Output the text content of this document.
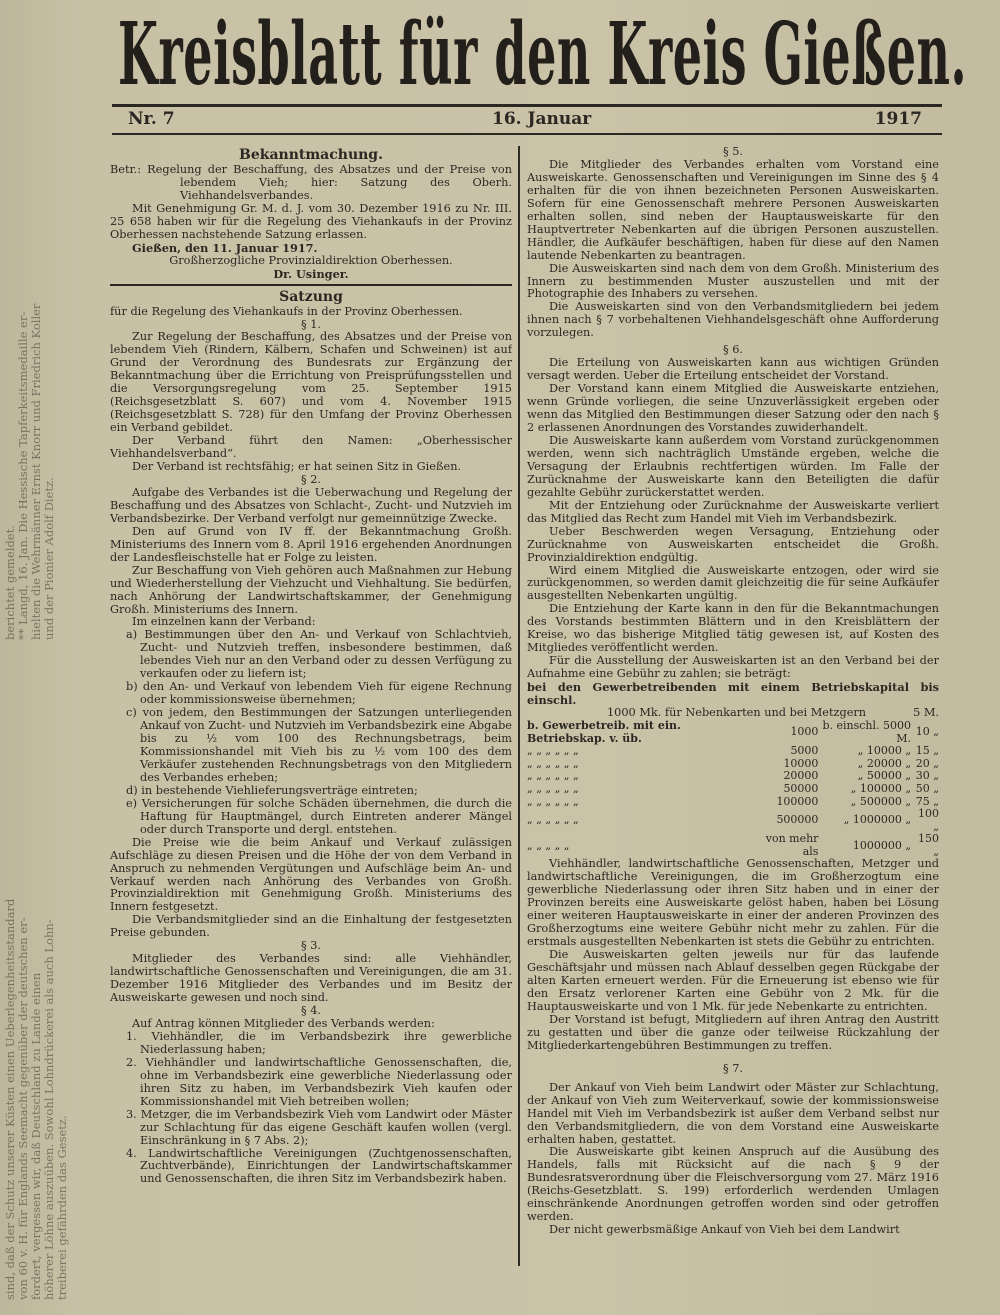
berichtet gemeldet. ** Langd, 16. Jan. Die Hessische Tapferkeitsmedaille er- hielten die Wehrmänner Ernst Knorr und Friedrich Koller und der Pionier Adolf Dietz.
sind, daß der Schutz unserer Küsten einen Ueberlegenheitsstandard von 60 v. H. für Englands Seemacht gegenüber der deutschen er- fordert, vergessen wir, daß Deutschland zu Lande einen höherer Löhne auszuüben. Sowohl Lohndrückerei als auch Lohn- treiberei gefährden das Gesetz.
Kreisblatt für den Kreis Gießen.
Nr. 7	16. Januar	1917

Bekanntmachung.

Betr.: Regelung der Beschaffung, des Absatzes und der Preise von lebendem Vieh; hier: Satzung des Oberh. Viehhandelsverbandes.

Mit Genehmigung Gr. M. d. J. vom 30. Dezember 1916 zu Nr. III. 25 658 haben wir für die Regelung des Viehankaufs in der Provinz Oberhessen nachstehende Satzung erlassen.

Gießen, den 11. Januar 1917.

Großherzogliche Provinzialdirektion Oberhessen.

Dr. Usinger.

Satzung

für die Regelung des Viehankaufs in der Provinz Oberhessen.

§ 1.

Zur Regelung der Beschaffung, des Absatzes und der Preise von lebendem Vieh (Rindern, Kälbern, Schafen und Schweinen) ist auf Grund der Verordnung des Bundesrats zur Ergänzung der Bekanntmachung über die Errichtung von Preisprüfungsstellen und die Versorgungsregelung vom 25. September 1915 (Reichsgesetzblatt S. 607) und vom 4. November 1915 (Reichsgesetzblatt S. 728) für den Umfang der Provinz Oberhessen ein Verband gebildet.

Der Verband führt den Namen: „Oberhessischer Viehhandelsverband“.

Der Verband ist rechtsfähig; er hat seinen Sitz in Gießen.

§ 2.

Aufgabe des Verbandes ist die Ueberwachung und Regelung der Beschaffung und des Absatzes von Schlacht-, Zucht- und Nutzvieh im Verbandsbezirke. Der Verband verfolgt nur gemeinnützige Zwecke.

Den auf Grund von IV ff. der Bekanntmachung Großh. Ministeriums des Innern vom 8. April 1916 ergehenden Anordnungen der Landesfleischstelle hat er Folge zu leisten.

Zur Beschaffung von Vieh gehören auch Maßnahmen zur Hebung und Wiederherstellung der Viehzucht und Viehhaltung. Sie bedürfen, nach Anhörung der Landwirtschaftskammer, der Genehmigung Großh. Ministeriums des Innern.

Im einzelnen kann der Verband:

a) Bestimmungen über den An- und Verkauf von Schlachtvieh, Zucht- und Nutzvieh treffen, insbesondere bestimmen, daß lebendes Vieh nur an den Verband oder zu dessen Verfügung zu verkaufen oder zu liefern ist;

b) den An- und Verkauf von lebendem Vieh für eigene Rechnung oder kommissionsweise übernehmen;

c) von jedem, den Bestimmungen der Satzungen unterliegenden Ankauf von Zucht- und Nutzvieh im Verbandsbezirk eine Abgabe bis zu ½ vom 100 des Rechnungsbetrags, beim Kommissionshandel mit Vieh bis zu ½ vom 100 des dem Verkäufer zustehenden Rechnungsbetrags von den Mitgliedern des Verbandes erheben;

d) in bestehende Viehlieferungsverträge eintreten;

e) Versicherungen für solche Schäden übernehmen, die durch die Haftung für Hauptmängel, durch Eintreten anderer Mängel oder durch Transporte und dergl. entstehen.

Die Preise wie die beim Ankauf und Verkauf zulässigen Aufschläge zu diesen Preisen und die Höhe der von dem Verband in Anspruch zu nehmenden Vergütungen und Aufschläge beim An- und Verkauf werden nach Anhörung des Verbandes von Großh. Provinzialdirektion mit Genehmigung Großh. Ministeriums des Innern festgesetzt.

Die Verbandsmitglieder sind an die Einhaltung der festgesetzten Preise gebunden.

§ 3.

Mitglieder des Verbandes sind: alle Viehhändler, landwirtschaftliche Genossenschaften und Vereinigungen, die am 31. Dezember 1916 Mitglieder des Verbandes und im Besitz der Ausweiskarte gewesen und noch sind.

§ 4.

Auf Antrag können Mitglieder des Verbands werden:

1. Viehhändler, die im Verbandsbezirk ihre gewerbliche Niederlassung haben;

2. Viehhändler und landwirtschaftliche Genossenschaften, die, ohne im Verbandsbezirk eine gewerbliche Niederlassung oder ihren Sitz zu haben, im Verbandsbezirk Vieh kaufen oder Kommissionshandel mit Vieh betreiben wollen;

3. Metzger, die im Verbandsbezirk Vieh vom Landwirt oder Mäster zur Schlachtung für das eigene Geschäft kaufen wollen (vergl. Einschränkung in § 7 Abs. 2);

4. Landwirtschaftliche Vereinigungen (Zuchtgenossenschaften, Zuchtverbände), Einrichtungen der Landwirtschaftskammer und Genossenschaften, die ihren Sitz im Verbandsbezirk haben.

§ 5.

Die Mitglieder des Verbandes erhalten vom Vorstand eine Ausweiskarte. Genossenschaften und Vereinigungen im Sinne des § 4 erhalten für die von ihnen bezeichneten Personen Ausweiskarten. Sofern für eine Genossenschaft mehrere Personen Ausweiskarten erhalten sollen, sind neben der Hauptausweiskarte für den Hauptvertreter Nebenkarten auf die übrigen Personen auszustellen. Händler, die Aufkäufer beschäftigen, haben für diese auf den Namen lautende Nebenkarten zu beantragen.

Die Ausweiskarten sind nach dem von dem Großh. Ministerium des Innern zu bestimmenden Muster auszustellen und mit der Photographie des Inhabers zu versehen.

Die Ausweiskarten sind von den Verbandsmitgliedern bei jedem ihnen nach § 7 vorbehaltenen Viehhandelsgeschäft ohne Aufforderung vorzulegen.

§ 6.

Die Erteilung von Ausweiskarten kann aus wichtigen Gründen versagt werden. Ueber die Erteilung entscheidet der Vorstand.

Der Vorstand kann einem Mitglied die Ausweiskarte entziehen, wenn Gründe vorliegen, die seine Unzuverlässigkeit ergeben oder wenn das Mitglied den Bestimmungen dieser Satzung oder den nach § 2 erlassenen Anordnungen des Vorstandes zuwiderhandelt.

Die Ausweiskarte kann außerdem vom Vorstand zurückgenommen werden, wenn sich nachträglich Umstände ergeben, welche die Versagung der Erlaubnis rechtfertigen würden. Im Falle der Zurücknahme der Ausweiskarte kann den Beteiligten die dafür gezahlte Gebühr zurückerstattet werden.

Mit der Entziehung oder Zurücknahme der Ausweiskarte verliert das Mitglied das Recht zum Handel mit Vieh im Verbandsbezirk.

Ueber Beschwerden wegen Versagung, Entziehung oder Zurücknahme von Ausweiskarten entscheidet die Großh. Provinzialdirektion endgültig.

Wird einem Mitglied die Ausweiskarte entzogen, oder wird sie zurückgenommen, so werden damit gleichzeitig die für seine Aufkäufer ausgestellten Nebenkarten ungültig.

Die Entziehung der Karte kann in den für die Bekanntmachungen des Vorstands bestimmten Blättern und in den Kreisblättern der Kreise, wo das bisherige Mitglied tätig gewesen ist, auf Kosten des Mitgliedes veröffentlicht werden.

Für die Ausstellung der Ausweiskarten ist an den Verband bei der Aufnahme eine Gebühr zu zahlen; sie beträgt:

bei den Gewerbetreibenden mit einem Betriebskapital bis einschl.

1000 Mk. für Nebenkarten und bei Metzgern	5 M.

b. Gewerbetreib. mit ein. Betriebskap. v. üb.	1000	b. einschl. 5000 M.	10 „
„ „ „ „ „ „	5000	„ 10000 „	15 „
„ „ „ „ „ „	10000	„ 20000 „	20 „
„ „ „ „ „ „	20000	„ 50000 „	30 „
„ „ „ „ „ „	50000	„ 100000 „	50 „
„ „ „ „ „ „	100000	„ 500000 „	75 „
„ „ „ „ „ „	500000	„ 1000000 „	100 „
„ „ „ „ „	von mehr als	1000000 „	150 „

Viehhändler, landwirtschaftliche Genossenschaften, Metzger und landwirtschaftliche Vereinigungen, die im Großherzogtum eine gewerbliche Niederlassung oder ihren Sitz haben und in einer der Provinzen bereits eine Ausweiskarte gelöst haben, haben bei Lösung einer weiteren Hauptausweiskarte in einer der anderen Provinzen des Großherzogtums eine weitere Gebühr nicht mehr zu zahlen. Für die erstmals ausgestellten Nebenkarten ist stets die Gebühr zu entrichten.

Die Ausweiskarten gelten jeweils nur für das laufende Geschäftsjahr und müssen nach Ablauf desselben gegen Rückgabe der alten Karten erneuert werden. Für die Erneuerung ist ebenso wie für den Ersatz verlorener Karten eine Gebühr von 2 Mk. für die Hauptausweiskarte und von 1 Mk. für jede Nebenkarte zu entrichten.

Der Vorstand ist befugt, Mitgliedern auf ihren Antrag den Austritt zu gestatten und über die ganze oder teilweise Rückzahlung der Mitgliederkartengebühren Bestimmungen zu treffen.

§ 7.

Der Ankauf von Vieh beim Landwirt oder Mäster zur Schlachtung, der Ankauf von Vieh zum Weiterverkauf, sowie der kommissionsweise Handel mit Vieh im Verbandsbezirk ist außer dem Verband selbst nur den Verbandsmitgliedern, die von dem Vorstand eine Ausweiskarte erhalten haben, gestattet.

Die Ausweiskarte gibt keinen Anspruch auf die Ausübung des Handels, falls mit Rücksicht auf die nach § 9 der Bundesratsverordnung über die Fleischversorgung vom 27. März 1916 (Reichs-Gesetzblatt. S. 199) erforderlich werdenden Umlagen einschränkende Anordnungen getroffen worden sind oder getroffen werden.

Der nicht gewerbsmäßige Ankauf von Vieh bei dem Landwirt
